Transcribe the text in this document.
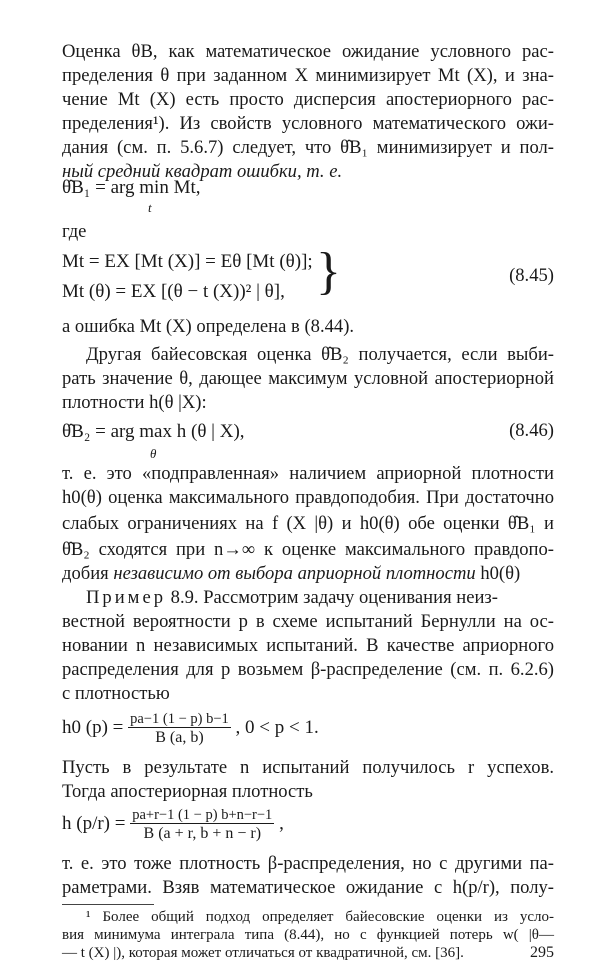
Оценка θB, как математическое ожидание условного рас-
пределения θ при заданном X минимизирует Mt (X), и зна-
чение Mt (X) есть просто дисперсия апостериорного рас-
пределения¹). Из свойств условного математического ожи-
дания (см. п. 5.6.7) следует, что θ̂B₁ минимизирует и пол-
ный средний квадрат ошибки, т. е.
θ̂B₁ = arg min Mt,
t
где
Mt = EX [Mt (X)] = Eθ [Mt (θ)];
Mt (θ) = EX [(θ − t (X))² | θ], }	(8.45)
а ошибка Mt (X) определена в (8.44).
Другая байесовская оценка θ̂B₂ получается, если выби-
рать значение θ, дающее максимум условной апостериорной
плотности h(θ |X):
θ̂B₂ = arg max h (θ | X),
θ
(8.46)
т. е. это «подправленная» наличием априорной плотности
h0(θ) оценка максимального правдоподобия. При достаточно
слабых ограничениях на f (X |θ) и h0(θ) обе оценки θ̂B₁ и
θ̂B₂ сходятся при n→∞ к оценке максимального правдопо-
добия независимо от выбора априорной плотности h0(θ)
Пример 8.9. Рассмотрим задачу оценивания неиз-
вестной вероятности p в схеме испытаний Бернулли на ос-
новании n независимых испытаний. В качестве априорного
распределения для p возьмем β-распределение (см. п. 6.2.6)
с плотностью
h0 $(p) = \frac{pa-1 (1 - p) b-1}{B (a, b)}$ , 0 < p < 1.
Пусть в результате n испытаний получилось r успехов.
Тогда апостериорная плотность
h $(p/r) = \frac{pa+r-1 (1 - p) b+n-r-1}{B (a + r, b + n - r)}$ ,
т. е. это тоже плотность β-распределения, но с другими па-
раметрами. Взяв математическое ожидание с h(p/r), полу-
¹ Более общий подход определяет байесовские оценки из усло-
вия минимума интеграла типа (8.44), но с функцией потерь w( |θ—
— t (X) |), которая может отличаться от квадратичной, см. [36].	295
